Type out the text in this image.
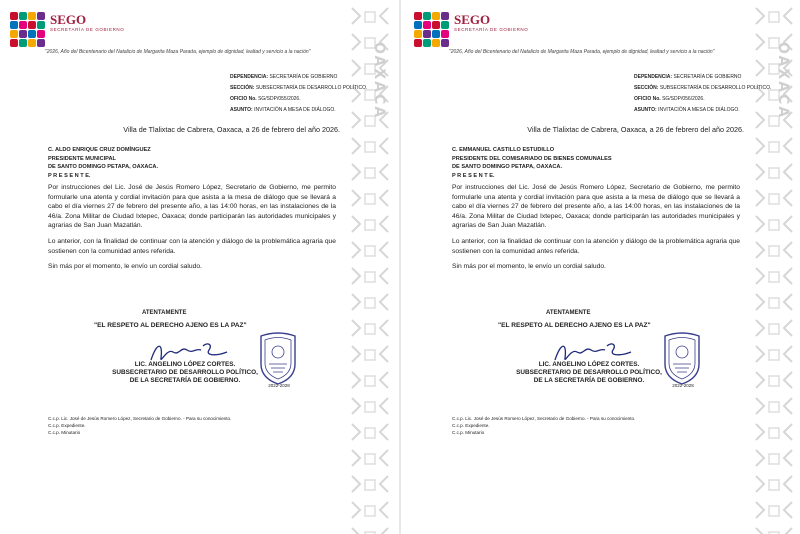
SEGO
SECRETARÍA DE GOBIERNO
"2026, Año del Bicentenario del Natalicio de Margarita Maza Parada, ejemplo de dignidad, lealtad y servicio a la nación"	OAXACA
DEPENDENCIA: SECRETARÍA DE GOBIERNO
SECCIÓN: SUBSECRETARÍA DE DESARROLLO POLÍTICO.
OFICIO No. SG/SDP/055/2026.
ASUNTO: INVITACIÓN A MESA DE DIÁLOGO.
Villa de Tlalixtac de Cabrera, Oaxaca, a 26 de febrero del año 2026.
C. ALDO ENRIQUE CRUZ DOMÍNGUEZ
PRESIDENTE MUNICIPAL
DE SANTO DOMINGO PETAPA, OAXACA.
P R E S E N T E.

Por instrucciones del Lic. José de Jesús Romero López, Secretario de Gobierno, me permito formularle una atenta y cordial invitación para que asista a la mesa de diálogo que se llevará a cabo el día viernes 27 de febrero del presente año, a las 14:00 horas, en las instalaciones de la 46/a. Zona Militar de Ciudad Ixtepec, Oaxaca; donde participarán las autoridades municipales y agrarias de San Juan Mazatlán.

Lo anterior, con la finalidad de continuar con la atención y diálogo de la problemática agraria que sostienen con la comunidad antes referida.

Sin más por el momento, le envío un cordial saludo.

ATENTAMENTE
"EL RESPETO AL DERECHO AJENO ES LA PAZ"
2022-2028
LIC. ANGELINO LÓPEZ CORTES.
SUBSECRETARIO DE DESARROLLO POLÍTICO,
DE LA SECRETARÍA DE GOBIERNO.
C.c.p. Lic. José de Jesús Romero López, Secretario de Gobierno. - Para su conocimiento.
C.c.p. Expediente.
C.c.p. Minutario
SEGO
SECRETARÍA DE GOBIERNO
"2026, Año del Bicentenario del Natalicio de Margarita Maza Parada, ejemplo de dignidad, lealtad y servicio a la nación"	OAXACA
DEPENDENCIA: SECRETARÍA DE GOBIERNO
SECCIÓN: SUBSECRETARÍA DE DESARROLLO POLÍTICO.
OFICIO No. SG/SDP/056/2026.
ASUNTO: INVITACIÓN A MESA DE DIÁLOGO.
Villa de Tlalixtac de Cabrera, Oaxaca, a 26 de febrero del año 2026.
C. EMMANUEL CASTILLO ESTUDILLO
PRESIDENTE DEL COMISARIADO DE BIENES COMUNALES
DE SANTO DOMINGO PETAPA, OAXACA.
P R E S E N T E.

Por instrucciones del Lic. José de Jesús Romero López, Secretario de Gobierno, me permito formularle una atenta y cordial invitación para que asista a la mesa de diálogo que se llevará a cabo el día viernes 27 de febrero del presente año, a las 14:00 horas, en las instalaciones de la 46/a. Zona Militar de Ciudad Ixtepec, Oaxaca; donde participarán las autoridades municipales y agrarias de San Juan Mazatlán.

Lo anterior, con la finalidad de continuar con la atención y diálogo de la problemática agraria que sostienen con la comunidad antes referida.

Sin más por el momento, le envío un cordial saludo.

ATENTAMENTE
"EL RESPETO AL DERECHO AJENO ES LA PAZ"
2022-2028
LIC. ANGELINO LÓPEZ CORTES.
SUBSECRETARIO DE DESARROLLO POLÍTICO,
DE LA SECRETARÍA DE GOBIERNO.
C.c.p. Lic. José de Jesús Romero López, Secretario de Gobierno. - Para su conocimiento.
C.c.p. Expediente.
C.c.p. Minutario
